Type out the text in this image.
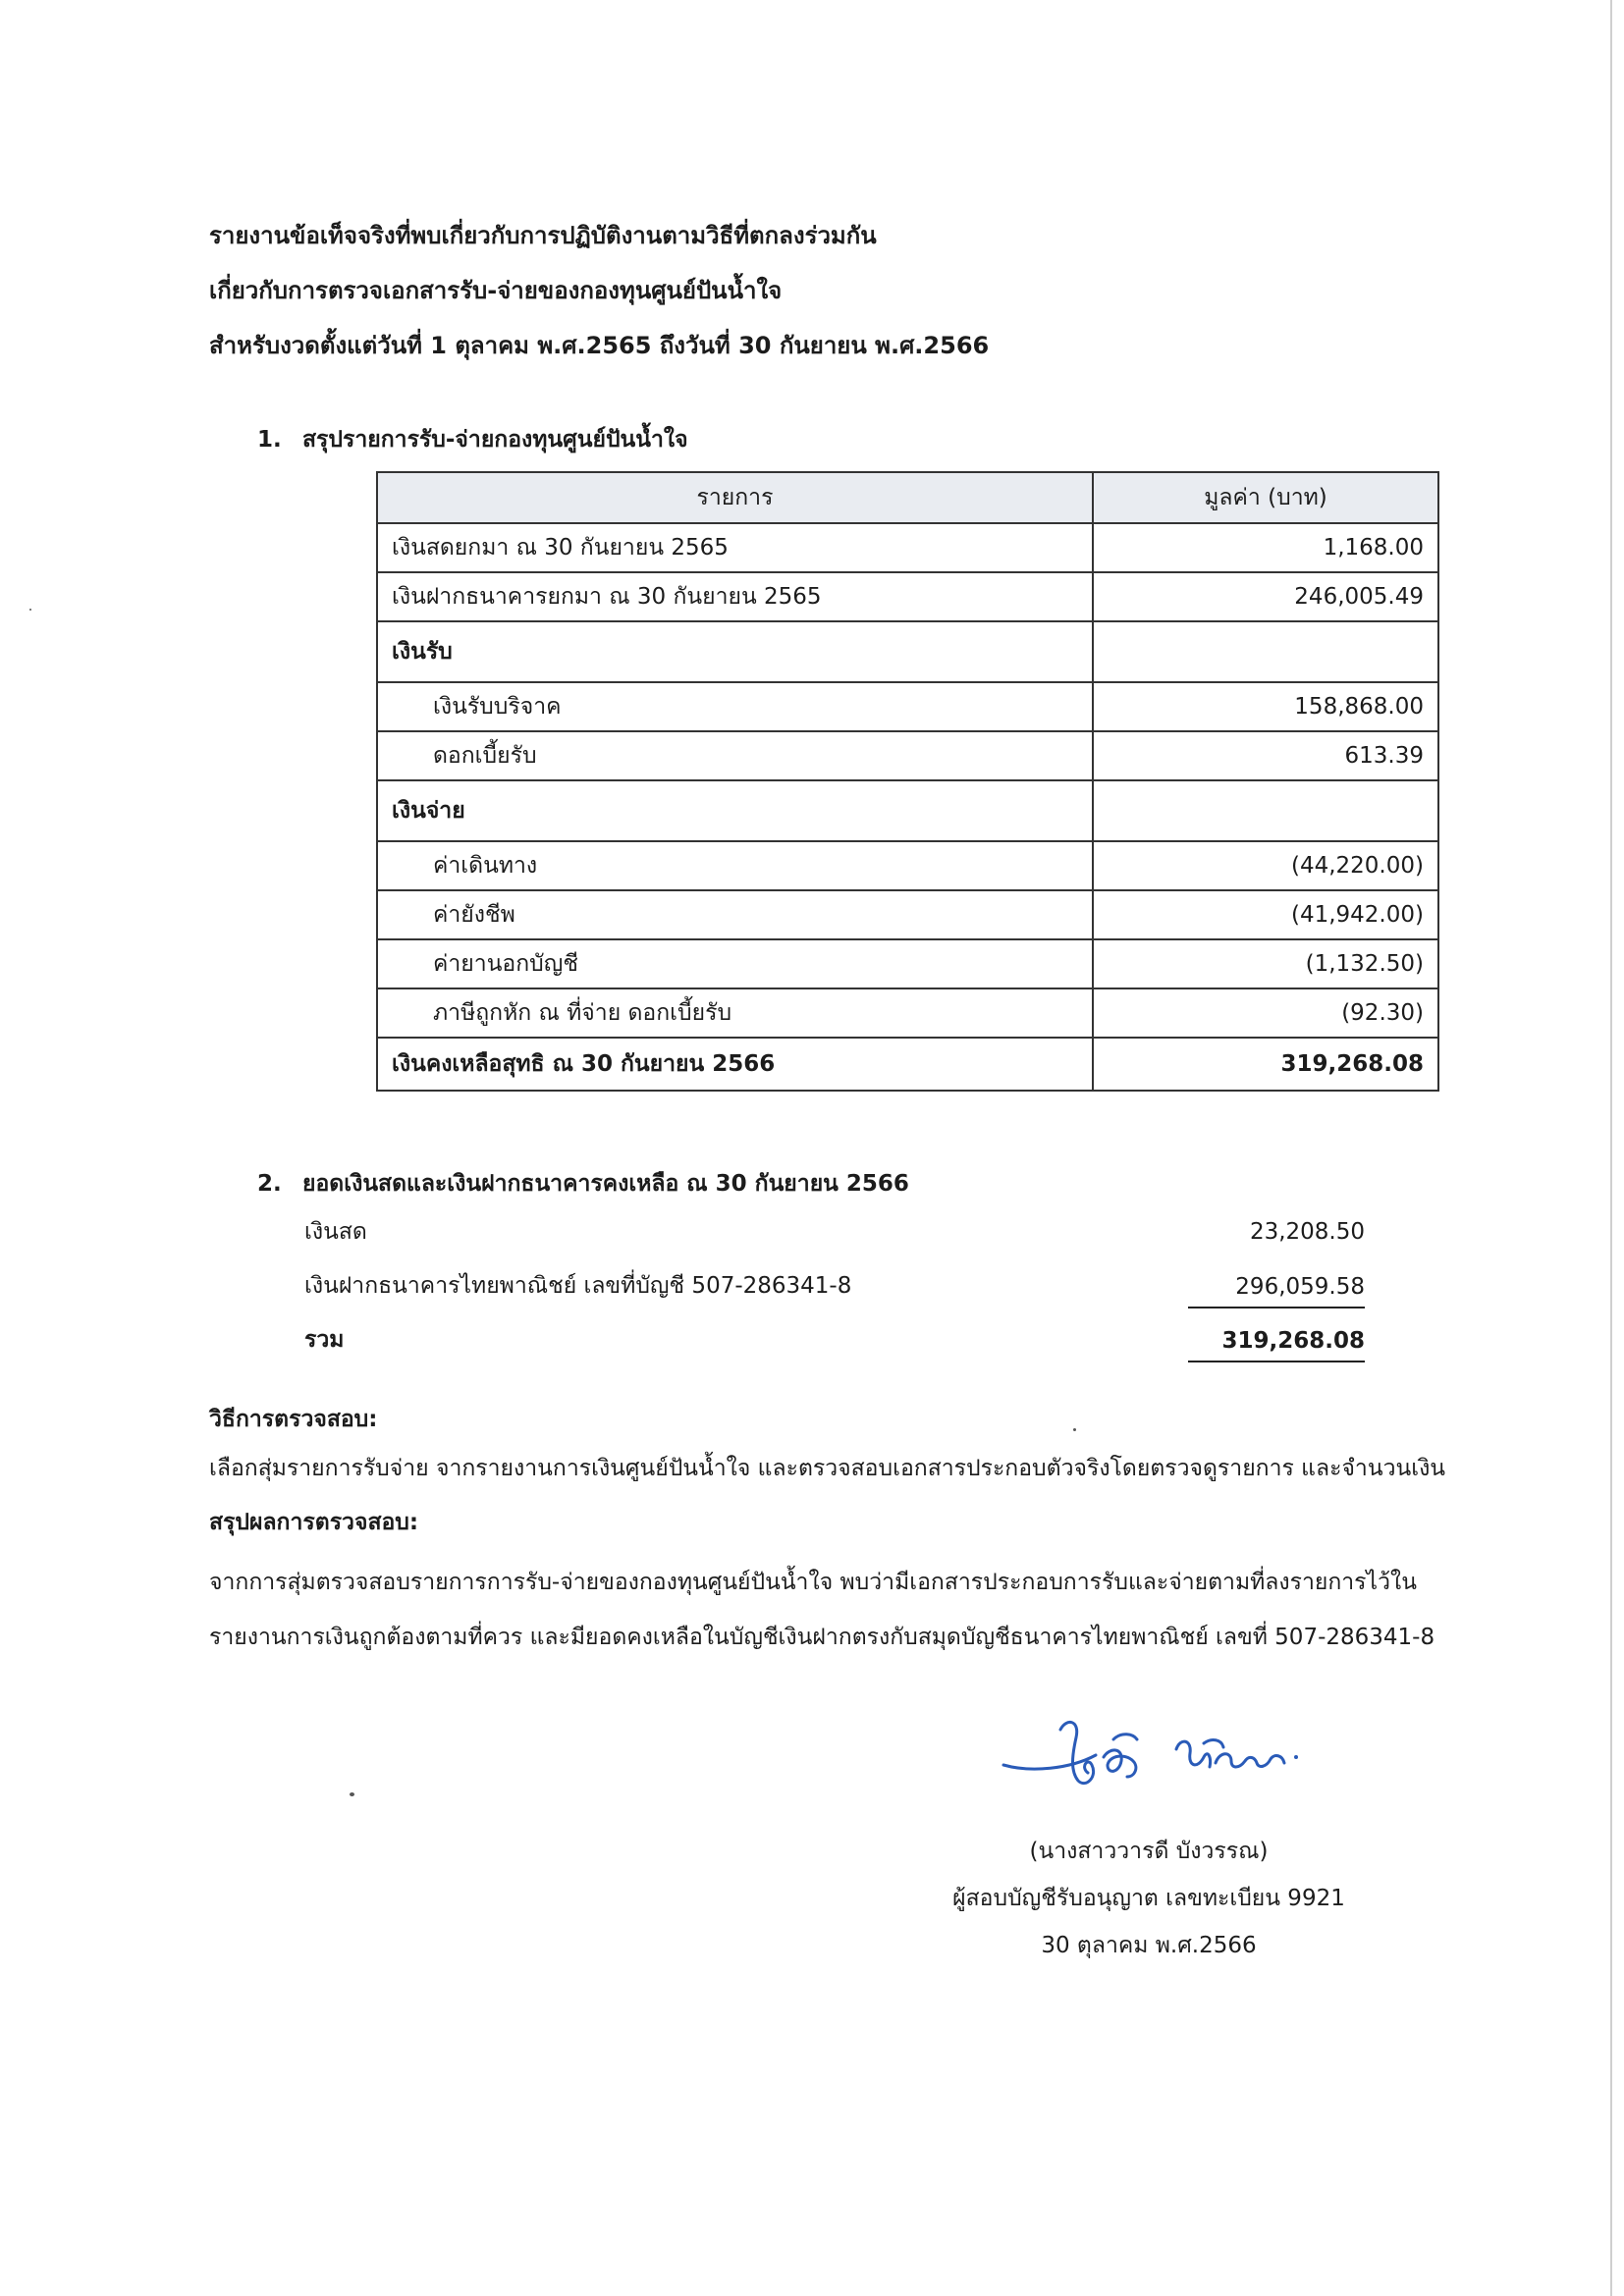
รายงานข้อเท็จจริงที่พบเกี่ยวกับการปฏิบัติงานตามวิธีที่ตกลงร่วมกัน
เกี่ยวกับการตรวจเอกสารรับ-จ่ายของกองทุนศูนย์ปันน้ำใจ
สำหรับงวดตั้งแต่วันที่ 1 ตุลาคม พ.ศ.2565 ถึงวันที่ 30 กันยายน พ.ศ.2566
1. สรุปรายการรับ-จ่ายกองทุนศูนย์ปันน้ำใจ
รายการ	มูลค่า (บาท)
เงินสดยกมา ณ 30 กันยายน 2565	1,168.00
เงินฝากธนาคารยกมา ณ 30 กันยายน 2565	246,005.49
เงินรับ	
เงินรับบริจาค	158,868.00
ดอกเบี้ยรับ	613.39
เงินจ่าย	
ค่าเดินทาง	(44,220.00)
ค่ายังชีพ	(41,942.00)
ค่ายานอกบัญชี	(1,132.50)
ภาษีถูกหัก ณ ที่จ่าย ดอกเบี้ยรับ	(92.30)
เงินคงเหลือสุทธิ ณ 30 กันยายน 2566	319,268.08
2. ยอดเงินสดและเงินฝากธนาคารคงเหลือ ณ 30 กันยายน 2566
เงินสด	23,208.50
เงินฝากธนาคารไทยพาณิชย์ เลขที่บัญชี 507-286341-8	296,059.58
รวม	319,268.08
วิธีการตรวจสอบ:
เลือกสุ่มรายการรับจ่าย จากรายงานการเงินศูนย์ปันน้ำใจ และตรวจสอบเอกสารประกอบตัวจริงโดยตรวจดูรายการ และจำนวนเงิน
สรุปผลการตรวจสอบ:
จากการสุ่มตรวจสอบรายการการรับ-จ่ายของกองทุนศูนย์ปันน้ำใจ พบว่ามีเอกสารประกอบการรับและจ่ายตามที่ลงรายการไว้ใน
รายงานการเงินถูกต้องตามที่ควร และมียอดคงเหลือในบัญชีเงินฝากตรงกับสมุดบัญชีธนาคารไทยพาณิชย์ เลขที่ 507-286341-8
(นางสาววารดี บังวรรณ)
ผู้สอบบัญชีรับอนุญาต เลขทะเบียน 9921
30 ตุลาคม พ.ศ.2566
